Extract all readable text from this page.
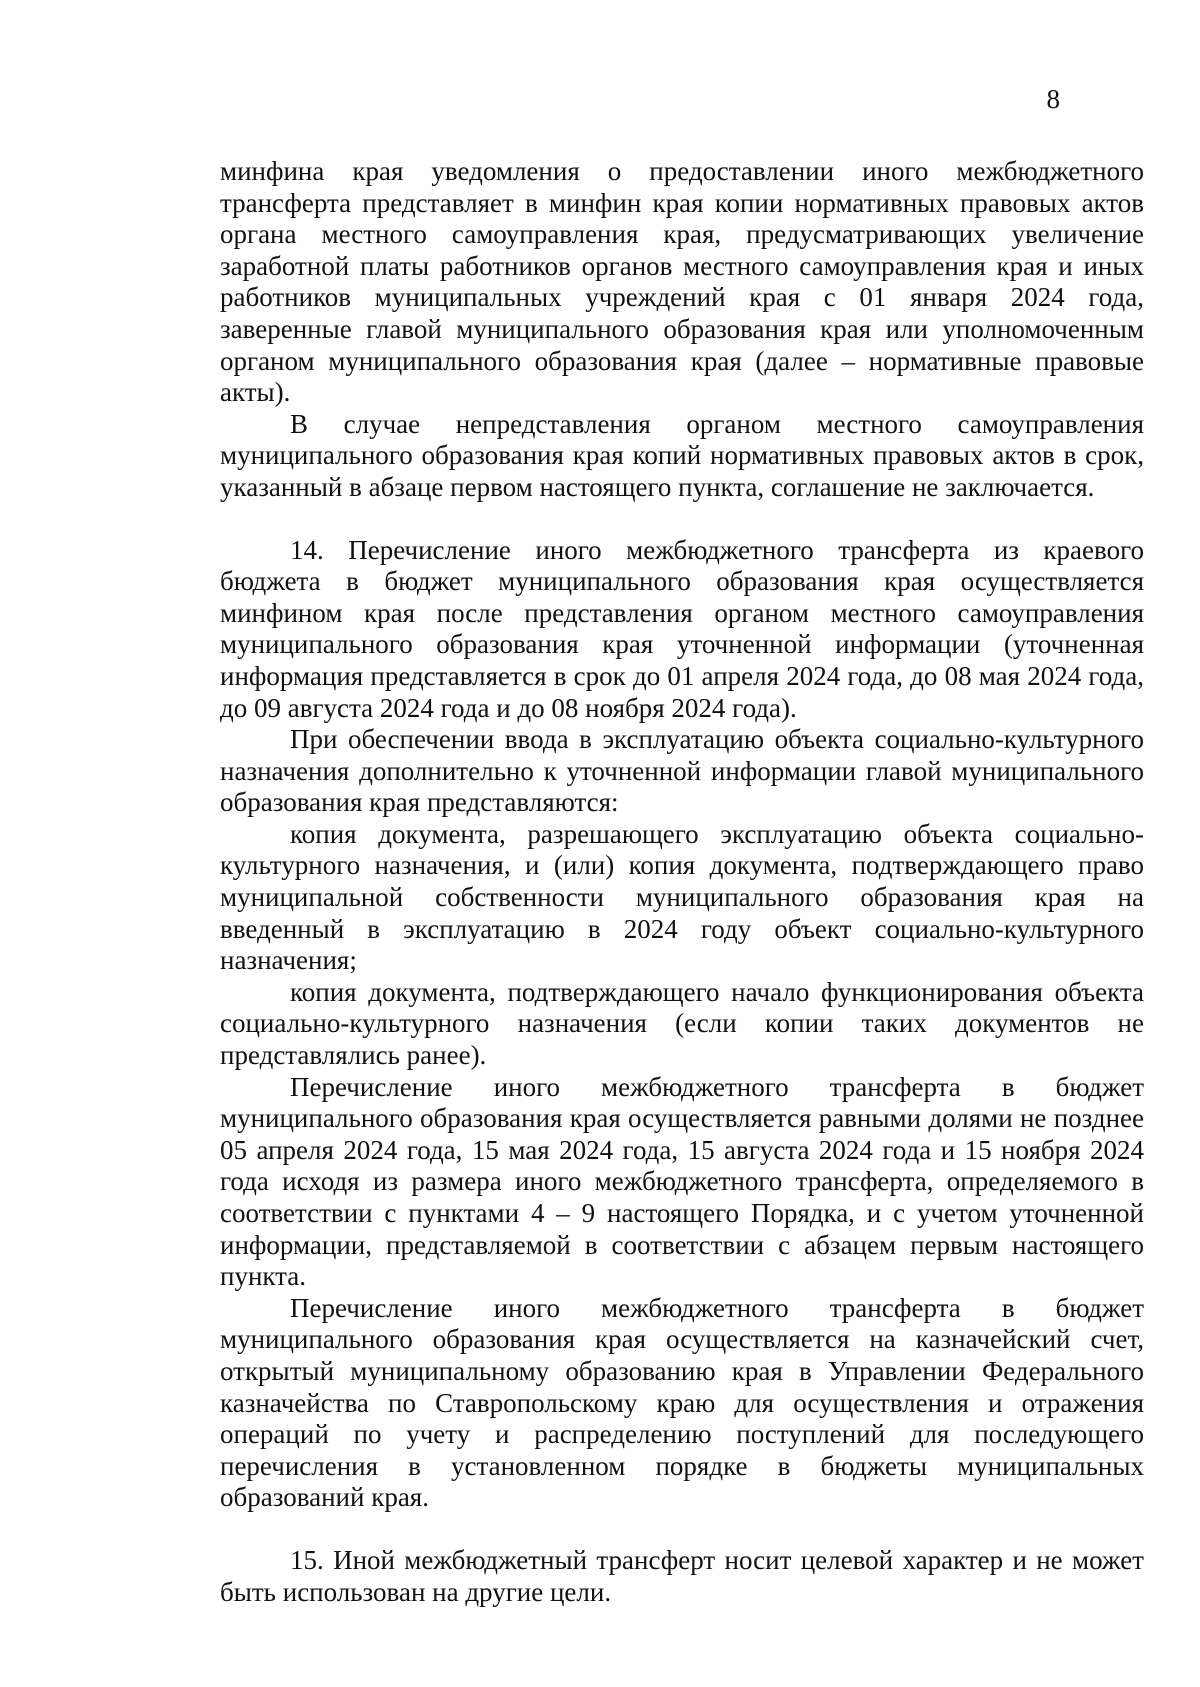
8

минфина края уведомления о предоставлении иного межбюджетного трансферта представляет в минфин края копии нормативных правовых актов органа местного самоуправления края, предусматривающих увеличение заработной платы работников органов местного самоуправления края и иных работников муниципальных учреждений края с 01 января 2024 года, заверенные главой муниципального образования края или уполномоченным органом муниципального образования края (далее – нормативные правовые акты).

В случае непредставления органом местного самоуправления муниципального образования края копий нормативных правовых актов в срок, указанный в абзаце первом настоящего пункта, соглашение не заключается.

14. Перечисление иного межбюджетного трансферта из краевого бюджета в бюджет муниципального образования края осуществляется минфином края после представления органом местного самоуправления муниципального образования края уточненной информации (уточненная информация представляется в срок до 01 апреля 2024 года, до 08 мая 2024 года, до 09 августа 2024 года и до 08 ноября 2024 года).

При обеспечении ввода в эксплуатацию объекта социально-культурного назначения дополнительно к уточненной информации главой муниципального образования края представляются:

копия документа, разрешающего эксплуатацию объекта социально-культурного назначения, и (или) копия документа, подтверждающего право муниципальной собственности муниципального образования края на введенный в эксплуатацию в 2024 году объект социально-культурного назначения;

копия документа, подтверждающего начало функционирования объекта социально-культурного назначения (если копии таких документов не представлялись ранее).

Перечисление иного межбюджетного трансферта в бюджет муниципального образования края осуществляется равными долями не позднее 05 апреля 2024 года, 15 мая 2024 года, 15 августа 2024 года и 15 ноября 2024 года исходя из размера иного межбюджетного трансферта, определяемого в соответствии с пунктами 4 – 9 настоящего Порядка, и с учетом уточненной информации, представляемой в соответствии с абзацем первым настоящего пункта.

Перечисление иного межбюджетного трансферта в бюджет муниципального образования края осуществляется на казначейский счет, открытый муниципальному образованию края в Управлении Федерального казначейства по Ставропольскому краю для осуществления и отражения операций по учету и распределению поступлений для последующего перечисления в установленном порядке в бюджеты муниципальных образований края.

15. Иной межбюджетный трансферт носит целевой характер и не может быть использован на другие цели.
